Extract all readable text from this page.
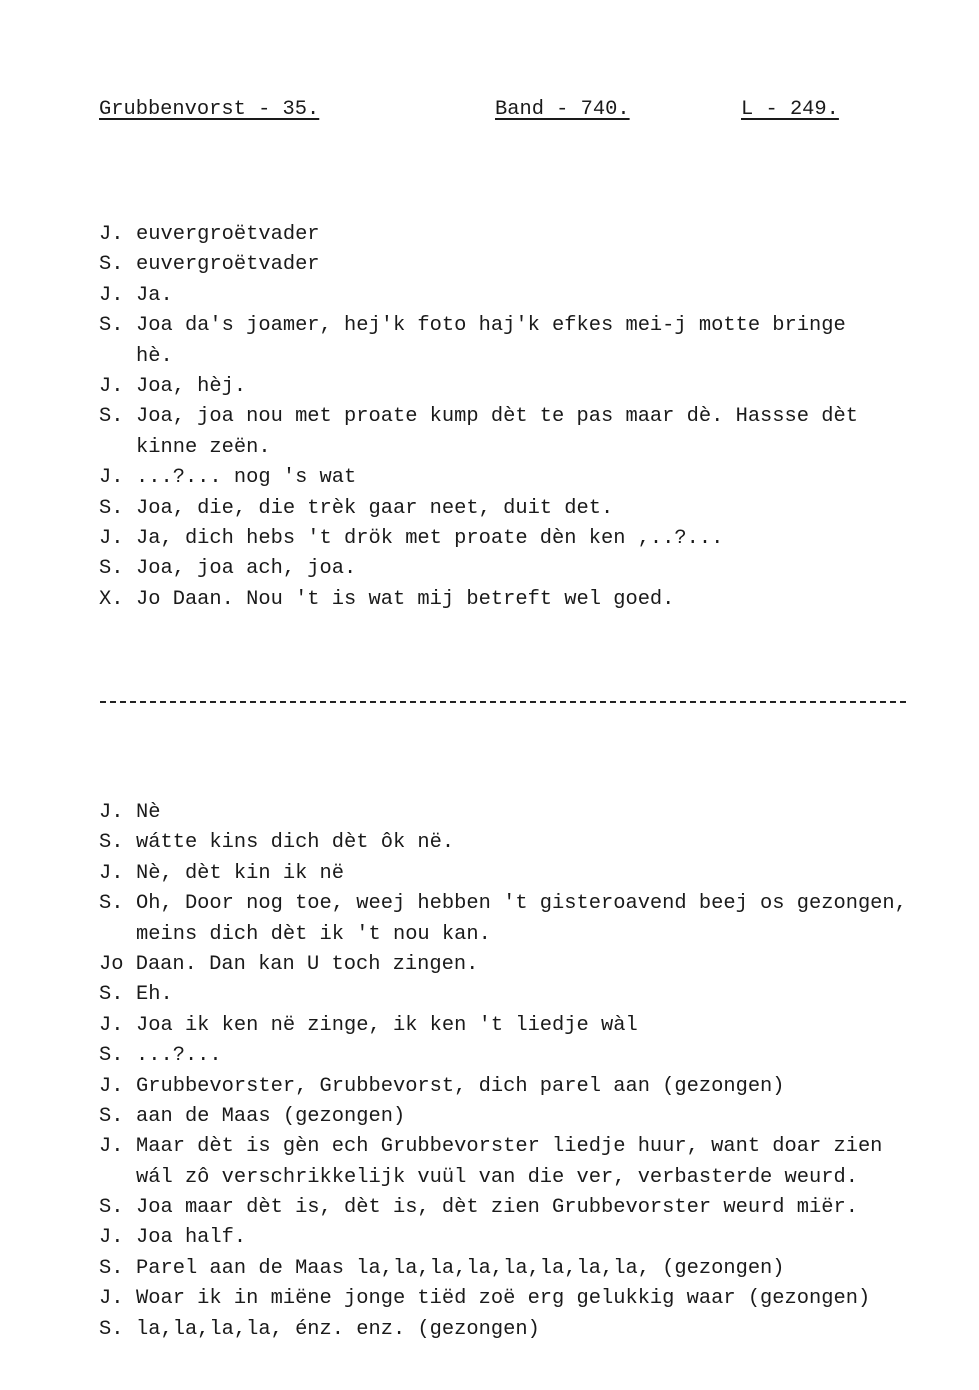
Grubbenvorst - 35.	Band - 740.	L - 249.
J. euvergroëtvader
S. euvergroëtvader
J. Ja.
S. Joa da's joamer, hej'k foto haj'k efkes mei-j motte bringe
hè.
J. Joa, hèj.
S. Joa, joa nou met proate kump dèt te pas maar dè. Hassse dèt
kinne zeën.
J. ...?... nog 's wat
S. Joa, die, die trèk gaar neet, duit det.
J. Ja, dich hebs 't drök met proate dèn ken ,..?...
S. Joa, joa ach, joa.
X. Jo Daan. Nou 't is wat mij betreft wel goed.
J. Nè
S. wátte kins dich dèt ôk në.
J. Nè, dèt kin ik në
S. Oh, Door nog toe, weej hebben 't gisteroavend beej os gezongen,
meins dich dèt ik 't nou kan.
Jo Daan. Dan kan U toch zingen.
S. Eh.
J. Joa ik ken në zinge, ik ken 't liedje wàl
S. ...?...
J. Grubbevorster, Grubbevorst, dich parel aan (gezongen)
S. aan de Maas (gezongen)
J. Maar dèt is gèn ech Grubbevorster liedje huur, want doar zien
wál zô verschrikkelijk vuül van die ver, verbasterde weurd.
S. Joa maar dèt is, dèt is, dèt zien Grubbevorster weurd miër.
J. Joa half.
S. Parel aan de Maas la,la,la,la,la,la,la,la, (gezongen)
J. Woar ik in miëne jonge tiëd zoë erg gelukkig waar (gezongen)
S. la,la,la,la, énz. enz. (gezongen)
